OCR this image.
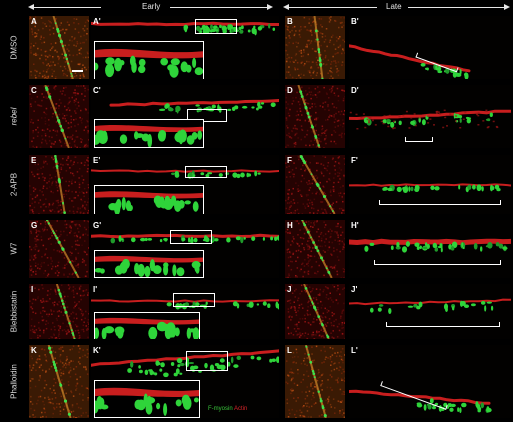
Early	Late
DMSO
A	A'	B	B'
rebel
C	C'	D	D'
2-APB
E	E'	F	F'
W7
G	G'	H	H'
Blebbistatin
I	I'	J	J'
Phalloidin
K	K'	L	L'
F-myosin Actin
